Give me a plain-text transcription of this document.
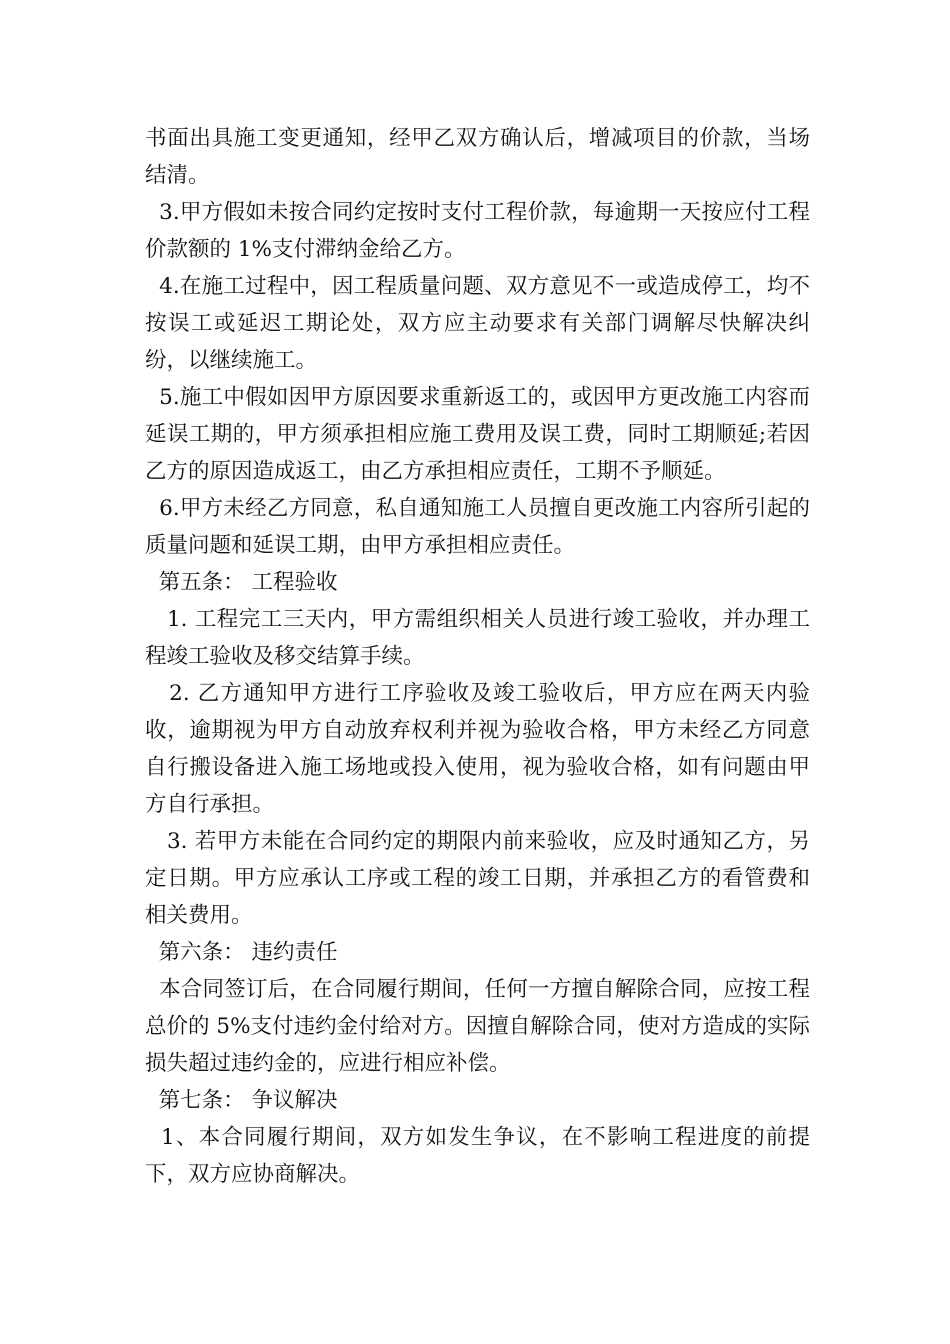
书面出具施工变更通知，经甲乙双方确认后，增减项目的价款，当场结清。

3.甲方假如未按合同约定按时支付工程价款，每逾期一天按应付工程价款额的 1%支付滞纳金给乙方。

4.在施工过程中，因工程质量问题、双方意见不一或造成停工，均不按误工或延迟工期论处，双方应主动要求有关部门调解尽快解决纠纷，以继续施工。

5.施工中假如因甲方原因要求重新返工的，或因甲方更改施工内容而延误工期的，甲方须承担相应施工费用及误工费，同时工期顺延;若因乙方的原因造成返工，由乙方承担相应责任，工期不予顺延。

6.甲方未经乙方同意，私自通知施工人员擅自更改施工内容所引起的质量问题和延误工期，由甲方承担相应责任。

第五条： 工程验收

1. 工程完工三天内，甲方需组织相关人员进行竣工验收，并办理工程竣工验收及移交结算手续。

2. 乙方通知甲方进行工序验收及竣工验收后，甲方应在两天内验收，逾期视为甲方自动放弃权利并视为验收合格，甲方未经乙方同意自行搬设备进入施工场地或投入使用，视为验收合格，如有问题由甲方自行承担。

3. 若甲方未能在合同约定的期限内前来验收，应及时通知乙方，另定日期。甲方应承认工序或工程的竣工日期，并承担乙方的看管费和相关费用。

第六条： 违约责任

本合同签订后，在合同履行期间，任何一方擅自解除合同，应按工程总价的 5%支付违约金付给对方。因擅自解除合同，使对方造成的实际损失超过违约金的，应进行相应补偿。

第七条： 争议解决

1、本合同履行期间，双方如发生争议，在不影响工程进度的前提下，双方应协商解决。
